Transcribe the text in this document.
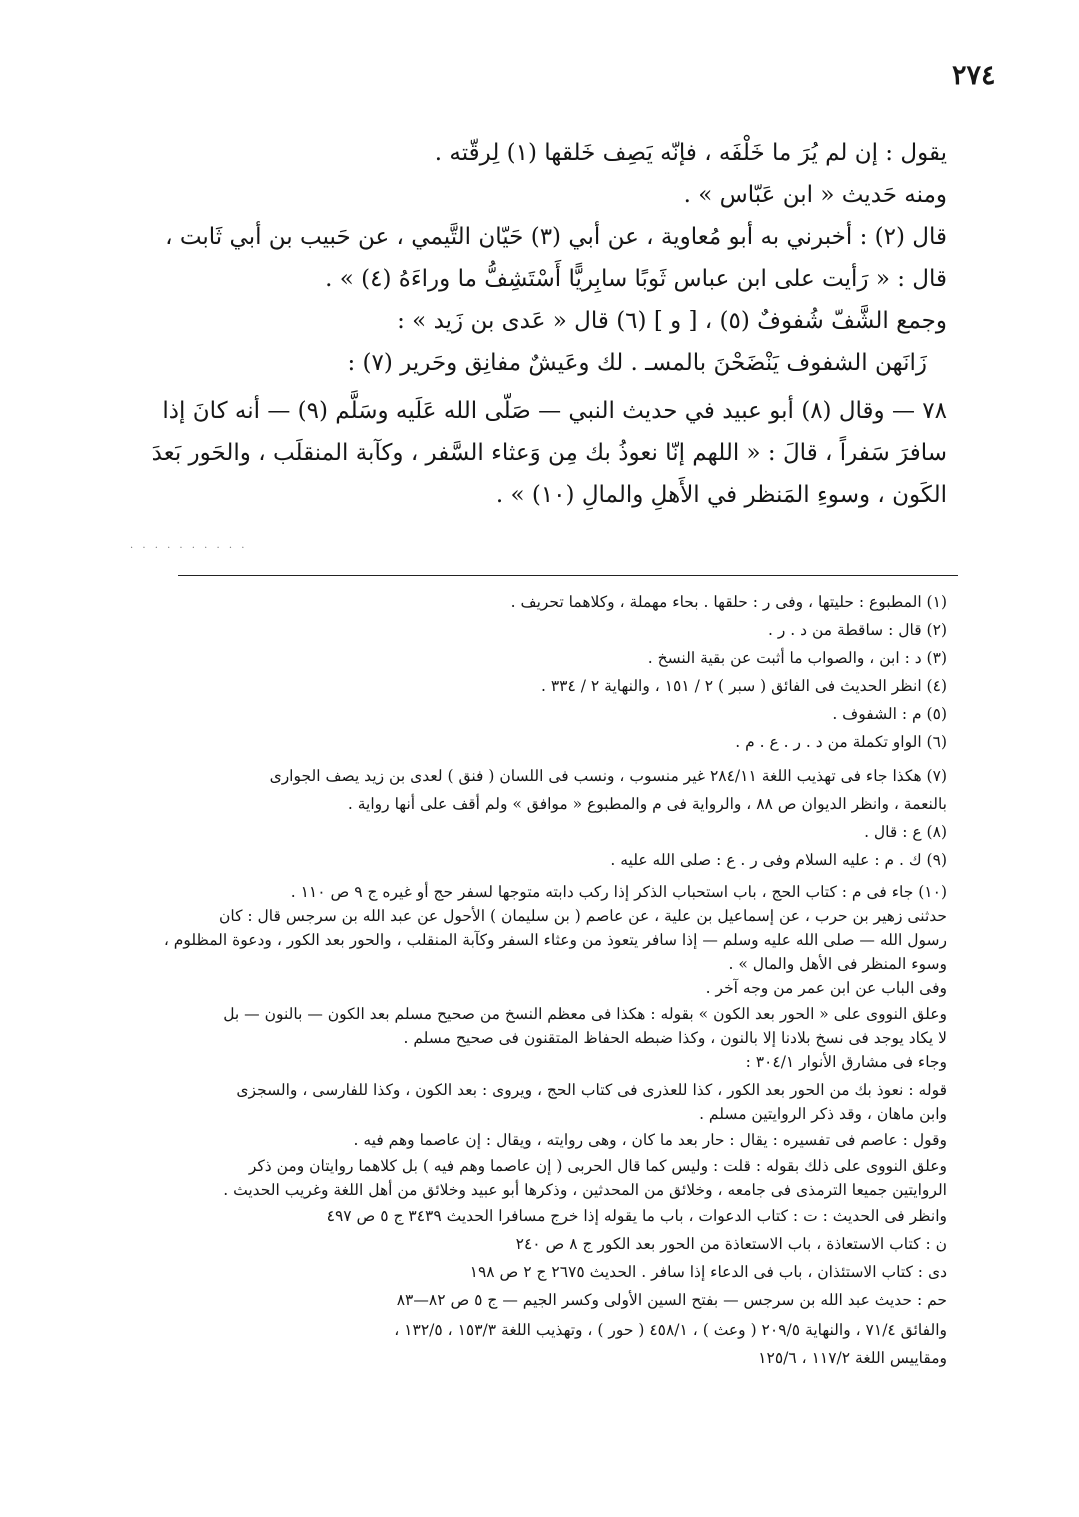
٢٧٤
يقول : إن لم يُرَ ما خَلْفَه ، فإنّه يَصِف خَلقها (١) لِرقّته .
ومنه حَديث « ابن عَبّاس » .
قال (٢) : أخبرني به أبو مُعاوية ، عن أبي (٣) حَيّان التَّيمي ، عن حَبيب بن أبي ثَابت ،
قال : « رَأيت على ابن عباس ثَوبًا سابِريًّا أَسْتَشِفُّ ما وراءَهُ (٤) » .
وجمع الشَّفّ شُفوفٌ (٥) ، [ و ] (٦) قال « عَدى بن زَيد » :
زَانَهن الشفوف يَنْضَحْنَ بالمسـ . لك وعَيشٌ مفانِق وحَرير (٧) :
٧٨ — وقال (٨) أبو عبيد في حديث النبي — صَلّى الله عَلَيه وسَلَّم (٩) — أنه كانَ إذا
سافرَ سَفراً ، قالَ : « اللهم إنّا نعوذُ بك مِن وَعثاء السَّفر ، وكآبة المنقلَب ، والحَور بَعدَ
الكَون ، وسوءِ المَنظر في الأَهلِ والمالِ (١٠) » .
. . . . . . . . . .
(١) المطبوع : حليتها ، وفى ر : حلقها . بحاء مهملة ، وكلاهما تحريف .
(٢) قال : ساقطة من د . ر .
(٣) د : ابن ، والصواب ما أثبت عن بقية النسخ .
(٤) انظر الحديث فى الفائق ( سبر ) ٢ / ١٥١ ، والنهاية ٢ / ٣٣٤ .
(٥) م : الشفوف .
(٦) الواو تكملة من د . ر . ع . م .
(٧) هكذا جاء فى تهذيب اللغة ٢٨٤/١١ غير منسوب ، ونسب فى اللسان ( فنق ) لعدى بن زيد يصف الجوارى
بالنعمة ، وانظر الديوان ص ٨٨ ، والرواية فى م والمطبوع « موافق » ولم أقف على أنها رواية .
(٨) ع : قال .
(٩) ك . م : عليه السلام وفى ر . ع : صلى الله عليه .
(١٠) جاء فى م : كتاب الحج ، باب استحباب الذكر إذا ركب دابته متوجها لسفر حج أو غيره ج ٩ ص ١١٠ .
حدثنى زهير بن حرب ، عن إسماعيل بن علية ، عن عاصم ( بن سليمان ) الأحول عن عبد الله بن سرجس قال : كان
رسول الله — صلى الله عليه وسلم — إذا سافر يتعوذ من وعثاء السفر وكآبة المنقلب ، والحور بعد الكور ، ودعوة المظلوم ،
وسوء المنظر فى الأهل والمال » .
وفى الباب عن ابن عمر من وجه آخر .
وعلق النووى على « الحور بعد الكون » بقوله : هكذا فى معظم النسخ من صحيح مسلم بعد الكون — بالنون — بل
لا يكاد يوجد فى نسخ بلادنا إلا بالنون ، وكذا ضبطه الحفاظ المتقنون فى صحيح مسلم .
وجاء فى مشارق الأنوار ٣٠٤/١ :
قوله : نعوذ بك من الحور بعد الكور ، كذا للعذرى فى كتاب الحج ، ويروى : بعد الكون ، وكذا للفارسى ، والسجزى
وابن ماهان ، وقد ذكر الروايتين مسلم .
وقول : عاصم فى تفسيره : يقال : حار بعد ما كان ، وهى روايته ، ويقال : إن عاصما وهم فيه .
وعلق النووى على ذلك بقوله : قلت : وليس كما قال الحربى ( إن عاصما وهم فيه ) بل كلاهما روايتان ومن ذكر
الروايتين جميعا الترمذى فى جامعه ، وخلائق من المحدثين ، وذكرها أبو عبيد وخلائق من أهل اللغة وغريب الحديث .
وانظر فى الحديث : ت : كتاب الدعوات ، باب ما يقوله إذا خرج مسافرا الحديث ٣٤٣٩ ج ٥ ص ٤٩٧
ن : كتاب الاستعاذة ، باب الاستعاذة من الحور بعد الكور ج ٨ ص ٢٤٠
دى : كتاب الاستئذان ، باب فى الدعاء إذا سافر . الحديث ٢٦٧٥ ج ٢ ص ١٩٨
حم : حديث عبد الله بن سرجس — بفتح السين الأولى وكسر الجيم — ج ٥ ص ٨٢—٨٣
والفائق ٧١/٤ ، والنهاية ٢٠٩/٥ ( وعث ) ، ٤٥٨/١ ( حور ) ، وتهذيب اللغة ١٥٣/٣ ، ١٣٢/٥ ،
ومقاييس اللغة ١١٧/٢ ، ١٢٥/٦
